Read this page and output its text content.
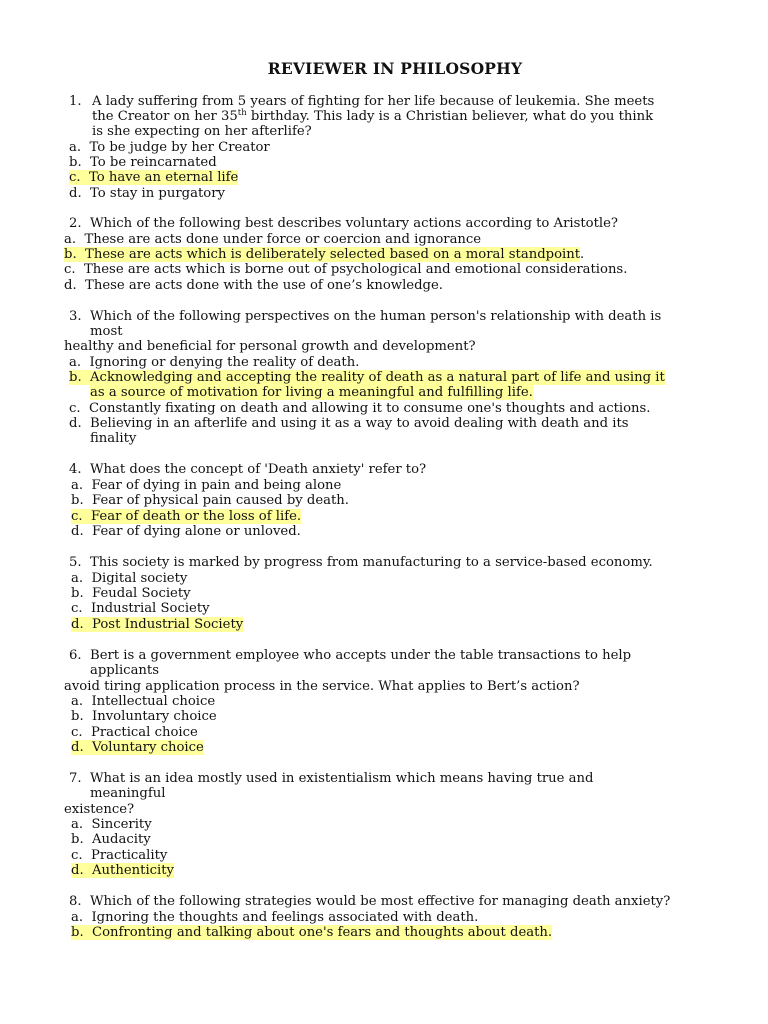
REVIEWER IN PHILOSOPHY
1. A lady suffering from 5 years of fighting for her life because of leukemia. She meets
the Creator on her 35th birthday. This lady is a Christian believer, what do you think
is she expecting on her afterlife?
a. To be judge by her Creator
b. To be reincarnated
c. To have an eternal life
d. To stay in purgatory
2. Which of the following best describes voluntary actions according to Aristotle?
a. These are acts done under force or coercion and ignorance
b. These are acts which is deliberately selected based on a moral standpoint.
c. These are acts which is borne out of psychological and emotional considerations.
d. These are acts done with the use of one’s knowledge.
3. Which of the following perspectives on the human person's relationship with death is
most
healthy and beneficial for personal growth and development?
a. Ignoring or denying the reality of death.
b. Acknowledging and accepting the reality of death as a natural part of life and using it
as a source of motivation for living a meaningful and fulfilling life.
c. Constantly fixating on death and allowing it to consume one's thoughts and actions.
d. Believing in an afterlife and using it as a way to avoid dealing with death and its
finality
4. What does the concept of 'Death anxiety' refer to?
a. Fear of dying in pain and being alone
b. Fear of physical pain caused by death.
c. Fear of death or the loss of life.
d. Fear of dying alone or unloved.
5. This society is marked by progress from manufacturing to a service-based economy.
a. Digital society
b. Feudal Society
c. Industrial Society
d. Post Industrial Society
6. Bert is a government employee who accepts under the table transactions to help
applicants
avoid tiring application process in the service. What applies to Bert’s action?
a. Intellectual choice
b. Involuntary choice
c. Practical choice
d. Voluntary choice
7. What is an idea mostly used in existentialism which means having true and
meaningful
existence?
a. Sincerity
b. Audacity
c. Practicality
d. Authenticity
8. Which of the following strategies would be most effective for managing death anxiety?
a. Ignoring the thoughts and feelings associated with death.
b. Confronting and talking about one's fears and thoughts about death.
